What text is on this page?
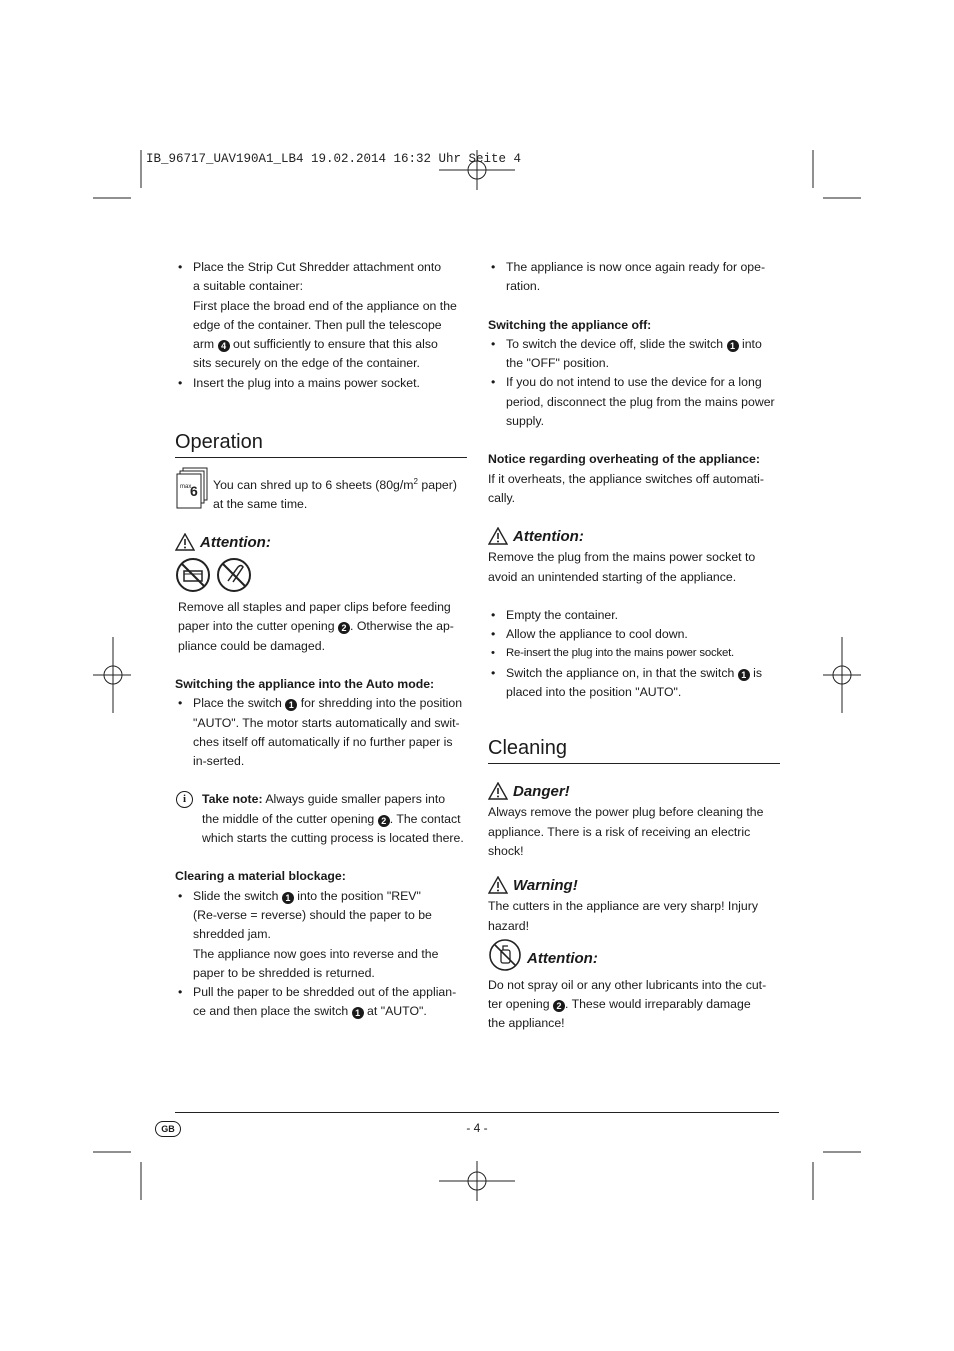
IB_96717_UAV190A1_LB4 19.02.2014 16:32 Uhr Seite 4
• Place the Strip Cut Shredder attachment onto
a suitable container:
First place the broad end of the appliance on the
edge of the container. Then pull the telescope
arm 4 out sufficiently to ensure that this also
sits securely on the edge of the container.
• Insert the plug into a mains power socket.
Operation
max.
6 You can shred up to 6 sheets ($80g/m^2$ paper)

at the same time.

Attention:

Remove all staples and paper clips before feeding

paper into the cutter opening 2 . Otherwise the ap-

pliance could be damaged.

Switching the appliance into the Auto mode:

• Place the switch 1 for shredding into the position
"AUTO". The motor starts automatically and swit-
ches itself off automatically if no further paper is
in-serted.
i	Take note: Always guide smaller papers into

the middle of the cutter opening 2 . The contact

which starts the cutting process is located there.

Clearing a material blockage:

• Slide the switch 1 into the position "REV"
(Re-verse = reverse) should the paper to be
shredded jam.
The appliance now goes into reverse and the
paper to be shredded is returned.
• Pull the paper to be shredded out of the applian-
ce and then place the switch 1 at "AUTO".
• The appliance is now once again ready for ope-
ration.

Switching the appliance off:

• To switch the device off, slide the switch 1 into
the "OFF" position.
• If you do not intend to use the device for a long
period, disconnect the plug from the mains power
supply.

Notice regarding overheating of the appliance:

If it overheats, the appliance switches off automati-

cally.

Attention:

Remove the plug from the mains power socket to

avoid an unintended starting of the appliance.

• Empty the container.
• Allow the appliance to cool down.
• Re-insert the plug into the mains power socket.
• Switch the appliance on, in that the switch 1 is
placed into the position "AUTO".
Cleaning
Danger!

Always remove the power plug before cleaning the

appliance. There is a risk of receiving an electric

shock!

Warning!

The cutters in the appliance are very sharp! Injury

hazard!

Attention:

Do not spray oil or any other lubricants into the cut-

ter opening 2 . These would irreparably damage

the appliance!

GB	- 4 -
